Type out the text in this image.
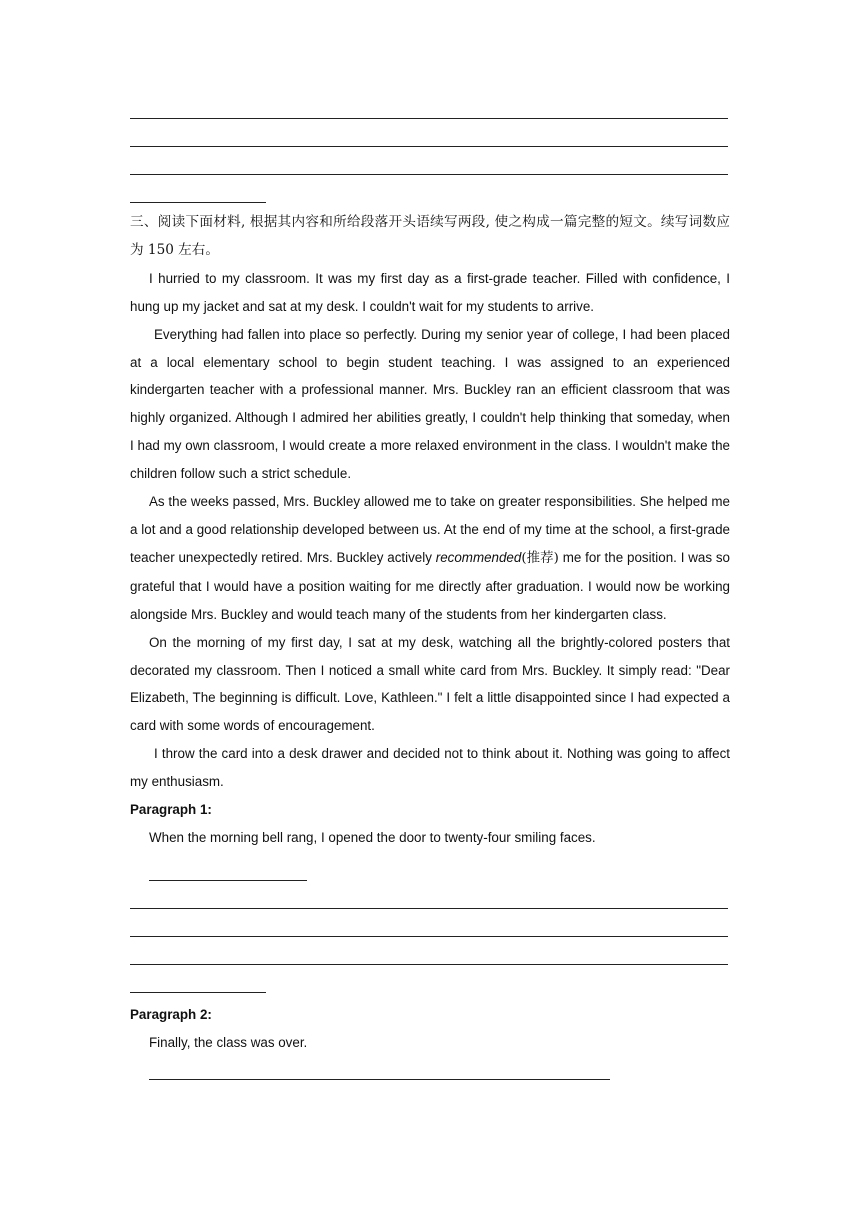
三、阅读下面材料, 根据其内容和所给段落开头语续写两段, 使之构成一篇完整的短文。续写词数应为 150 左右。

I hurried to my classroom. It was my first day as a first-grade teacher. Filled with confidence, I hung up my jacket and sat at my desk. I couldn't wait for my students to arrive.

Everything had fallen into place so perfectly. During my senior year of college, I had been placed at a local elementary school to begin student teaching. I was assigned to an experienced kindergarten teacher with a professional manner. Mrs. Buckley ran an efficient classroom that was highly organized. Although I admired her abilities greatly, I couldn't help thinking that someday, when I had my own classroom, I would create a more relaxed environment in the class. I wouldn't make the children follow such a strict schedule.

As the weeks passed, Mrs. Buckley allowed me to take on greater responsibilities. She helped me a lot and a good relationship developed between us. At the end of my time at the school, a first-grade teacher unexpectedly retired. Mrs. Buckley actively recommended(推荐) me for the position. I was so grateful that I would have a position waiting for me directly after graduation. I would now be working alongside Mrs. Buckley and would teach many of the students from her kindergarten class.

On the morning of my first day, I sat at my desk, watching all the brightly-colored posters that decorated my classroom. Then I noticed a small white card from Mrs. Buckley. It simply read: "Dear Elizabeth, The beginning is difficult. Love, Kathleen." I felt a little disappointed since I had expected a card with some words of encouragement.

I throw the card into a desk drawer and decided not to think about it. Nothing was going to affect my enthusiasm.

Paragraph 1:

When the morning bell rang, I opened the door to twenty-four smiling faces.

Paragraph 2:

Finally, the class was over.
